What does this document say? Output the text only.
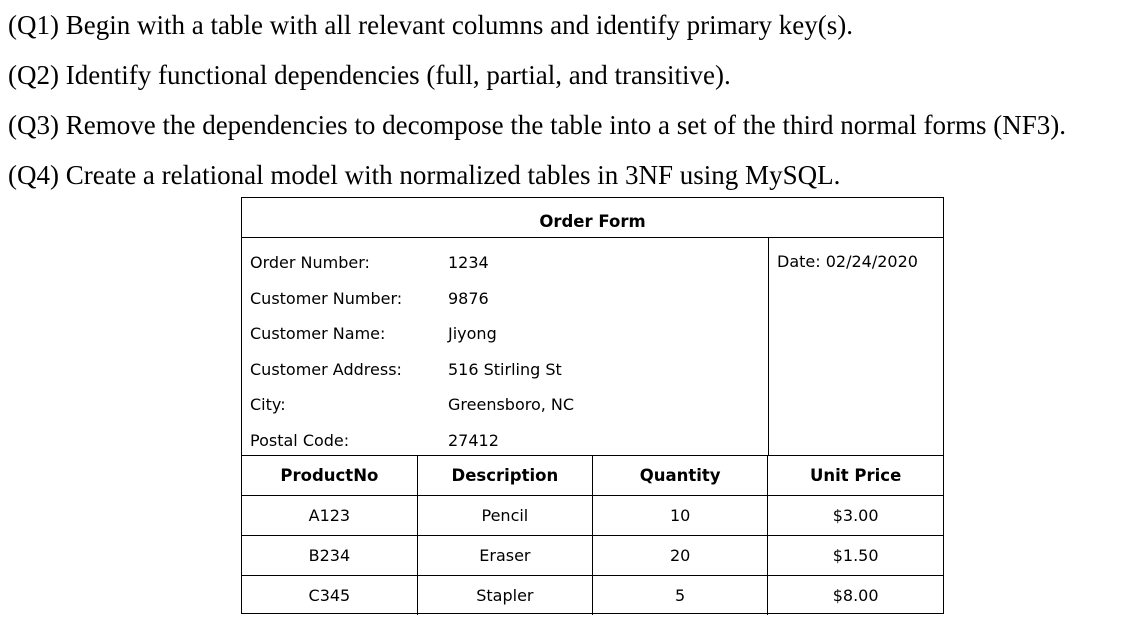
(Q1) Begin with a table with all relevant columns and identify primary key(s).
(Q2) Identify functional dependencies (full, partial, and transitive).
(Q3) Remove the dependencies to decompose the table into a set of the third normal forms (NF3).
(Q4) Create a relational model with normalized tables in 3NF using MySQL.
Order Form
Order Number:	1234
Customer Number:	9876
Customer Name:	Jiyong
Customer Address:	516 Stirling St
City:	Greensboro, NC
Postal Code:	27412
Date: 02/24/2020
ProductNo	Description	Quantity	Unit Price
A123	Pencil	10	$3.00
B234	Eraser	20	$1.50
C345	Stapler	5	$8.00
